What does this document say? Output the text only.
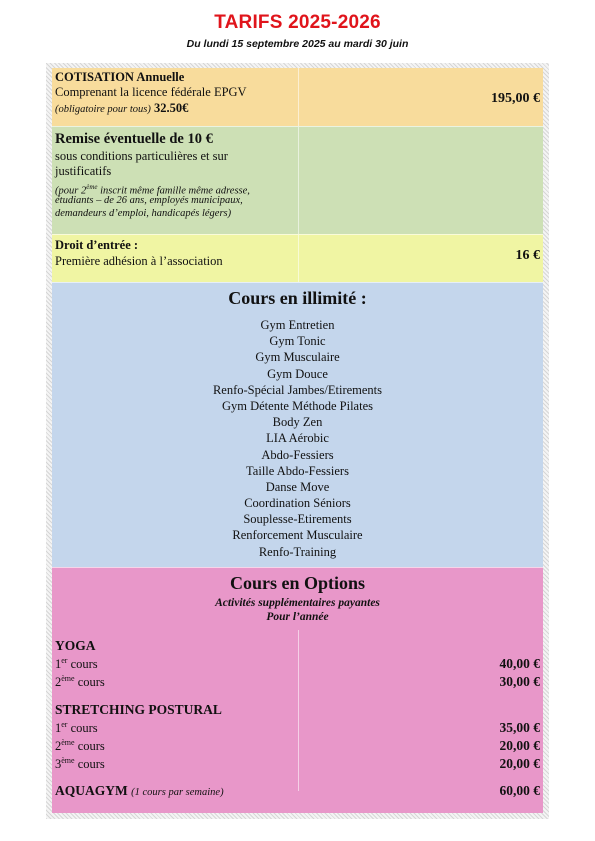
TARIFS 2025-2026
Du lundi 15 septembre 2025 au mardi 30 juin
COTISATION Annuelle
Comprenant la licence fédérale EPGV
(obligatoire pour tous) 32.50€
195,00 €
Remise éventuelle de 10 €
sous conditions particulières et sur
justificatifs
(pour 2ème inscrit même famille même adresse,
étudiants – de 26 ans, employés municipaux,
demandeurs d’emploi, handicapés légers)
Droit d’entrée :
Première adhésion à l’association	16 €
Cours en illimité :
Gym Entretien
Gym Tonic
Gym Musculaire
Gym Douce
Renfo-Spécial Jambes/Etirements
Gym Détente Méthode Pilates
Body Zen
LIA Aérobic
Abdo-Fessiers
Taille Abdo-Fessiers
Danse Move
Coordination Séniors
Souplesse-Etirements
Renforcement Musculaire
Renfo-Training
Cours en Options
Activités supplémentaires payantes
Pour l’année
YOGA
1er cours	40,00 €
2ème cours	30,00 €
STRETCHING POSTURAL
1er cours	35,00 €
2ème cours	20,00 €
3ème cours	20,00 €
AQUAGYM (1 cours par semaine)	60,00 €
